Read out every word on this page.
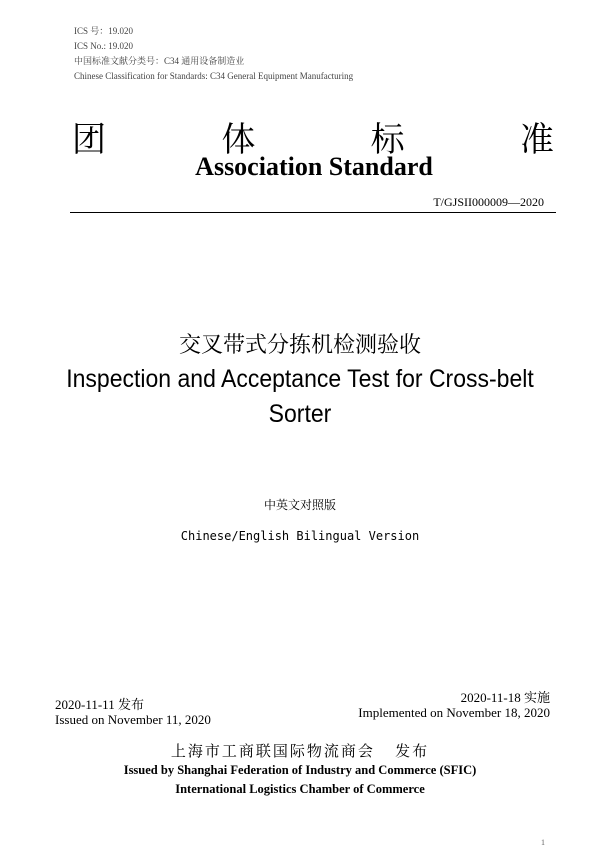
ICS 号：19.020
ICS No.: 19.020
中国标准文献分类号：C34 通用设备制造业
Chinese Classification for Standards: C34 General Equipment Manufacturing
团	体	标	准
Association Standard
T/GJSII000009—2020
交叉带式分拣机检测验收
Inspection and Acceptance Test for Cross-belt Sorter
中英文对照版
Chinese/English Bilingual Version
2020-11-11 发布
Issued on November 11, 2020
2020-11-18 实施
Implemented on November 18, 2020
上海市工商联国际物流商会   发布
Issued by Shanghai Federation of Industry and Commerce (SFIC)
International Logistics Chamber of Commerce
1
